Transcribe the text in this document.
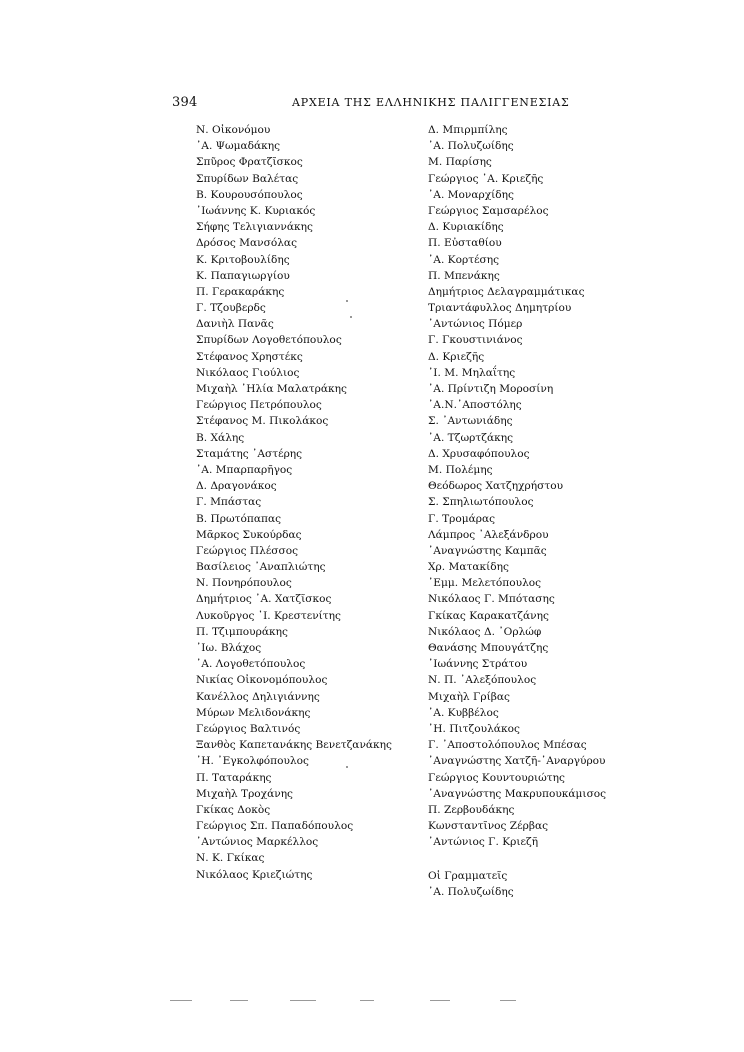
394	ΑΡΧΕΙΑ ΤΗΣ ΕΛΛΗΝΙΚΗΣ ΠΑΛΙΓΓΕΝΕΣΙΑΣ
Ν. Οἰκονόμου
᾿Α. Ψωμαδάκης
Σπῦρος Φρατζῖσκος
Σπυρίδων Βαλέτας
Β. Κουρουσόπουλος
᾿Ιωάννης Κ. Κυριακός
Σήφης Τελιγιαννάκης
Δρόσος Μανσόλας
Κ. Κριτοβουλίδης
Κ. Παπαγιωργίου
Π. Γερακαράκης
Γ. Τζουβερδς
Δανιὴλ Πανᾶς
Σπυρίδων Λογοθετόπουλος
Στέφανος Χρηστέκς
Νικόλαος Γιούλιος
Μιχαὴλ ᾿Ηλία Μαλατράκης
Γεώργιος Πετρόπουλος
Στέφανος Μ. Πικολάκος
Β. Χάλης
Σταμάτης ᾿Αστέρης
᾿Α. Μπαρπαρῆγος
Δ. Δραγονάκος
Γ. Μπάστας
Β. Πρωτόπαπας
Μᾶρκος Συκούρδας
Γεώργιος Πλέσσος
Βασίλειος ᾿Αναπλιώτης
Ν. Πονηρόπουλος
Δημήτριος ᾿Α. Χατζῖσκος
Λυκοῦργος ᾿Ι. Κρεστενίτης
Π. Τζιμπουράκης
᾿Ιω. Βλάχος
᾿Α. Λογοθετόπουλος
Νικίας Οἰκονομόπουλος
Κανέλλος Δηλιγιάννης
Μύρων Μελιδονάκης
Γεώργιος Βαλτινός
Ξανθὸς Καπετανάκης Βενετζανάκης
᾿Η. ᾿Εγκολφόπουλος
Π. Ταταράκης
Μιχαὴλ Τροχάνης
Γκίκας Δοκὸς
Γεώργιος Σπ. Παπαδόπουλος
᾿Αντώνιος Μαρκέλλος
Ν. Κ. Γκίκας
Νικόλαος Κριεζιώτης
Δ. Μπιρμπίλης
᾿Α. Πολυζωίδης
Μ. Παρίσης
Γεώργιος ᾿Α. Κριεζῆς
᾿Α. Μοναρχίδης
Γεώργιος Σαμσαρέλος
Δ. Κυριακίδης
Π. Εὐσταθίου
᾿Α. Κορτέσης
Π. Μπενάκης
Δημήτριος Δελαγραμμάτικας
Τριαντάφυλλος Δημητρίου
᾿Αντώνιος Πόμερ
Γ. Γκουστινιάνος
Δ. Κριεζῆς
᾿Ι. Μ. Μηλαΐτης
᾿Α. Πρίντιζη Μοροσίνη
᾿Α.Ν.᾿Αποστόλης
Σ. ᾿Αντωνιάδης
᾿Α. Τζωρτζάκης
Δ. Χρυσαφόπουλος
Μ. Πολέμης
Θεόδωρος Χατζηχρήστου
Σ. Σπηλιωτόπουλος
Γ. Τρομάρας
Λάμπρος ᾿Αλεξάνδρου
᾿Αναγνώστης Καμπᾶς
Χρ. Ματακίδης
᾿Εμμ. Μελετόπουλος
Νικόλαος Γ. Μπότασης
Γκίκας Καρακατζάνης
Νικόλαος Δ. ᾿Ορλώφ
Θανάσης Μπουγάτζης
᾿Ιωάννης Στράτου
Ν. Π. ᾿Αλεξόπουλος
Μιχαὴλ Γρίβας
᾿Α. Κυββέλος
᾿Η. Πιτζουλάκος
Γ. ᾿Αποστολόπουλος Μπέσας
᾿Αναγνώστης Χατζῆ-᾿Αναργύρου
Γεώργιος Κουντουριώτης
᾿Αναγνώστης Μακρυπουκάμισος
Π. Ζερβουδάκης
Κωνσταντῖνος Ζέρβας
᾿Αντώνιος Γ. Κριεζῆ
Οἱ Γραμματεῖς
᾿Α. Πολυζωίδης
